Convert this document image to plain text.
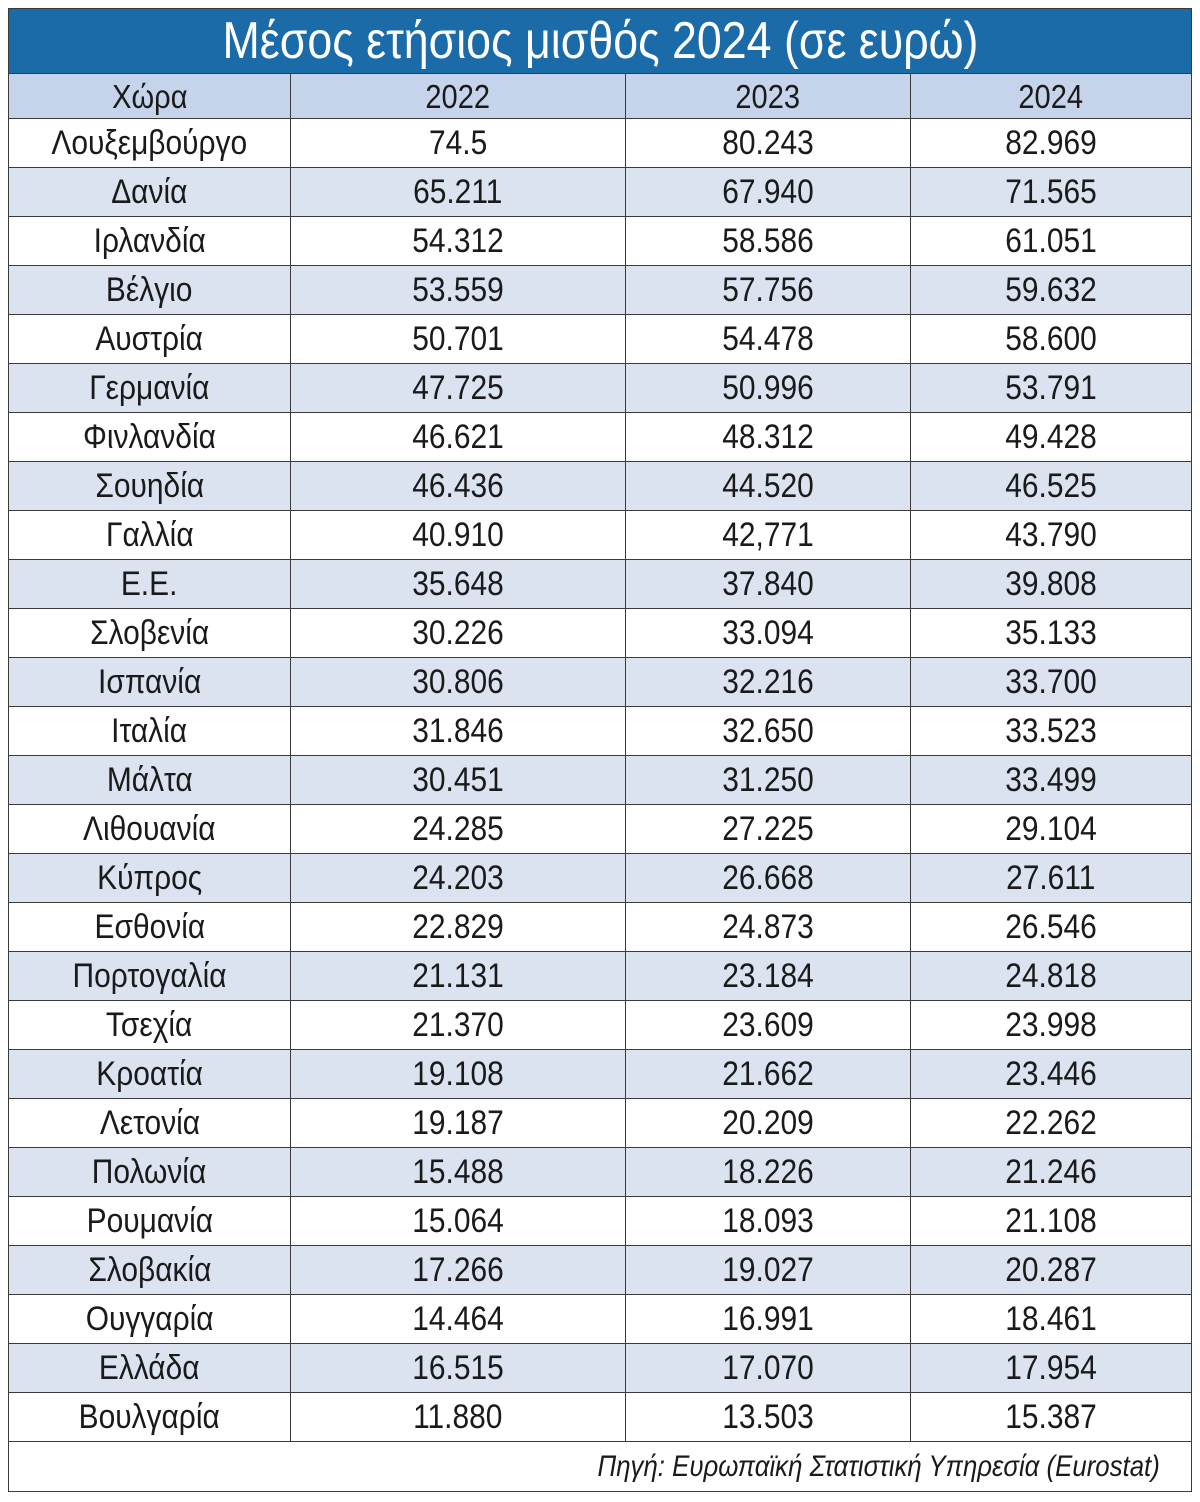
Μέσος ετήσιος μισθός 2024 (σε ευρώ)
Χώρα	2022	2023	2024
Λουξεμβούργο	74.5	80.243	82.969
Δανία	65.211	67.940	71.565
Ιρλανδία	54.312	58.586	61.051
Βέλγιο	53.559	57.756	59.632
Αυστρία	50.701	54.478	58.600
Γερμανία	47.725	50.996	53.791
Φινλανδία	46.621	48.312	49.428
Σουηδία	46.436	44.520	46.525
Γαλλία	40.910	42,771	43.790
Ε.Ε.	35.648	37.840	39.808
Σλοβενία	30.226	33.094	35.133
Ισπανία	30.806	32.216	33.700
Ιταλία	31.846	32.650	33.523
Μάλτα	30.451	31.250	33.499
Λιθουανία	24.285	27.225	29.104
Κύπρος	24.203	26.668	27.611
Εσθονία	22.829	24.873	26.546
Πορτογαλία	21.131	23.184	24.818
Τσεχία	21.370	23.609	23.998
Κροατία	19.108	21.662	23.446
Λετονία	19.187	20.209	22.262
Πολωνία	15.488	18.226	21.246
Ρουμανία	15.064	18.093	21.108
Σλοβακία	17.266	19.027	20.287
Ουγγαρία	14.464	16.991	18.461
Ελλάδα	16.515	17.070	17.954
Βουλγαρία	11.880	13.503	15.387
Πηγή: Ευρωπαϊκή Στατιστική Υπηρεσία (Eurostat)
